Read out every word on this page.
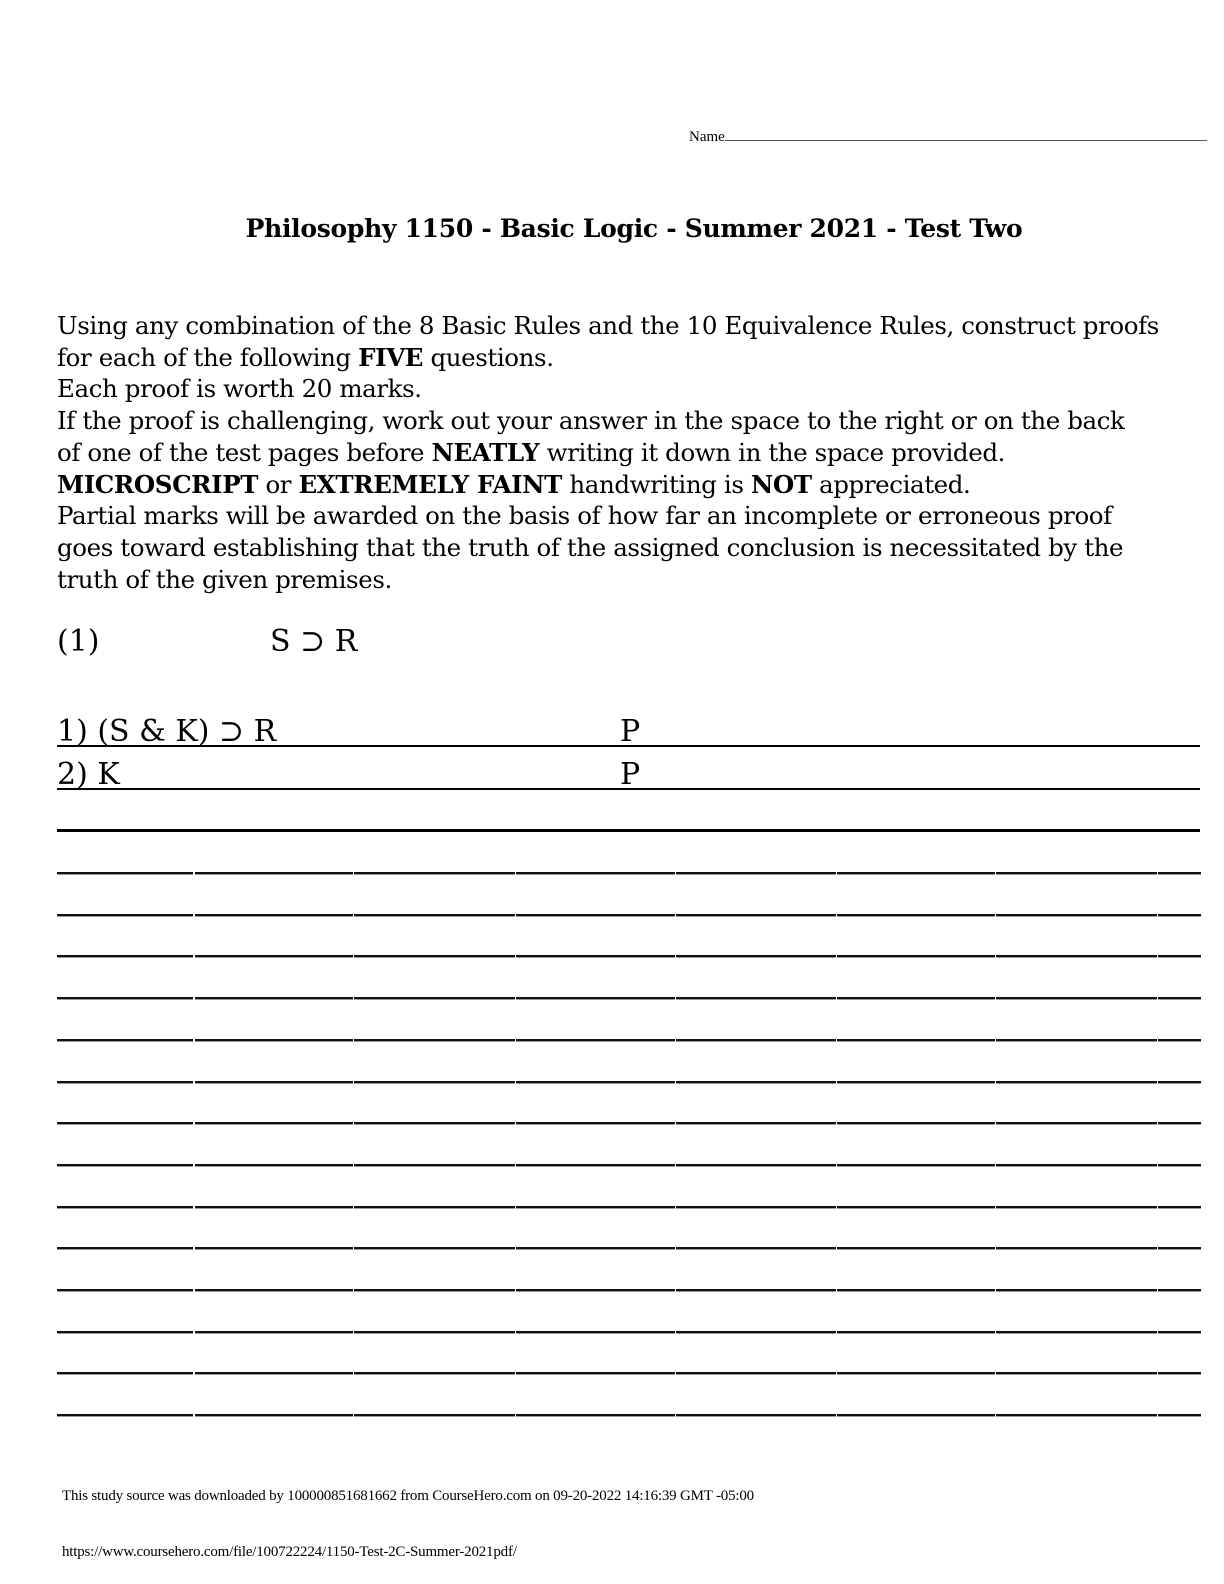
Name
Philosophy 1150 - Basic Logic - Summer 2021 - Test Two

Using any combination of the 8 Basic Rules and the 10 Equivalence Rules, construct proofs

for each of the following FIVE questions.

Each proof is worth 20 marks.

If the proof is challenging, work out your answer in the space to the right or on the back

of one of the test pages before NEATLY writing it down in the space provided.

MICROSCRIPT or EXTREMELY FAINT handwriting is NOT appreciated.

Partial marks will be awarded on the basis of how far an incomplete or erroneous proof

goes toward establishing that the truth of the assigned conclusion is necessitated by the

truth of the given premises.

(1)	S ⊃ R
1) (S & K) ⊃ R	P
2) K	P
This study source was downloaded by 100000851681662 from CourseHero.com on 09-20-2022 14:16:39 GMT -05:00
https://www.coursehero.com/file/100722224/1150-Test-2C-Summer-2021pdf/
